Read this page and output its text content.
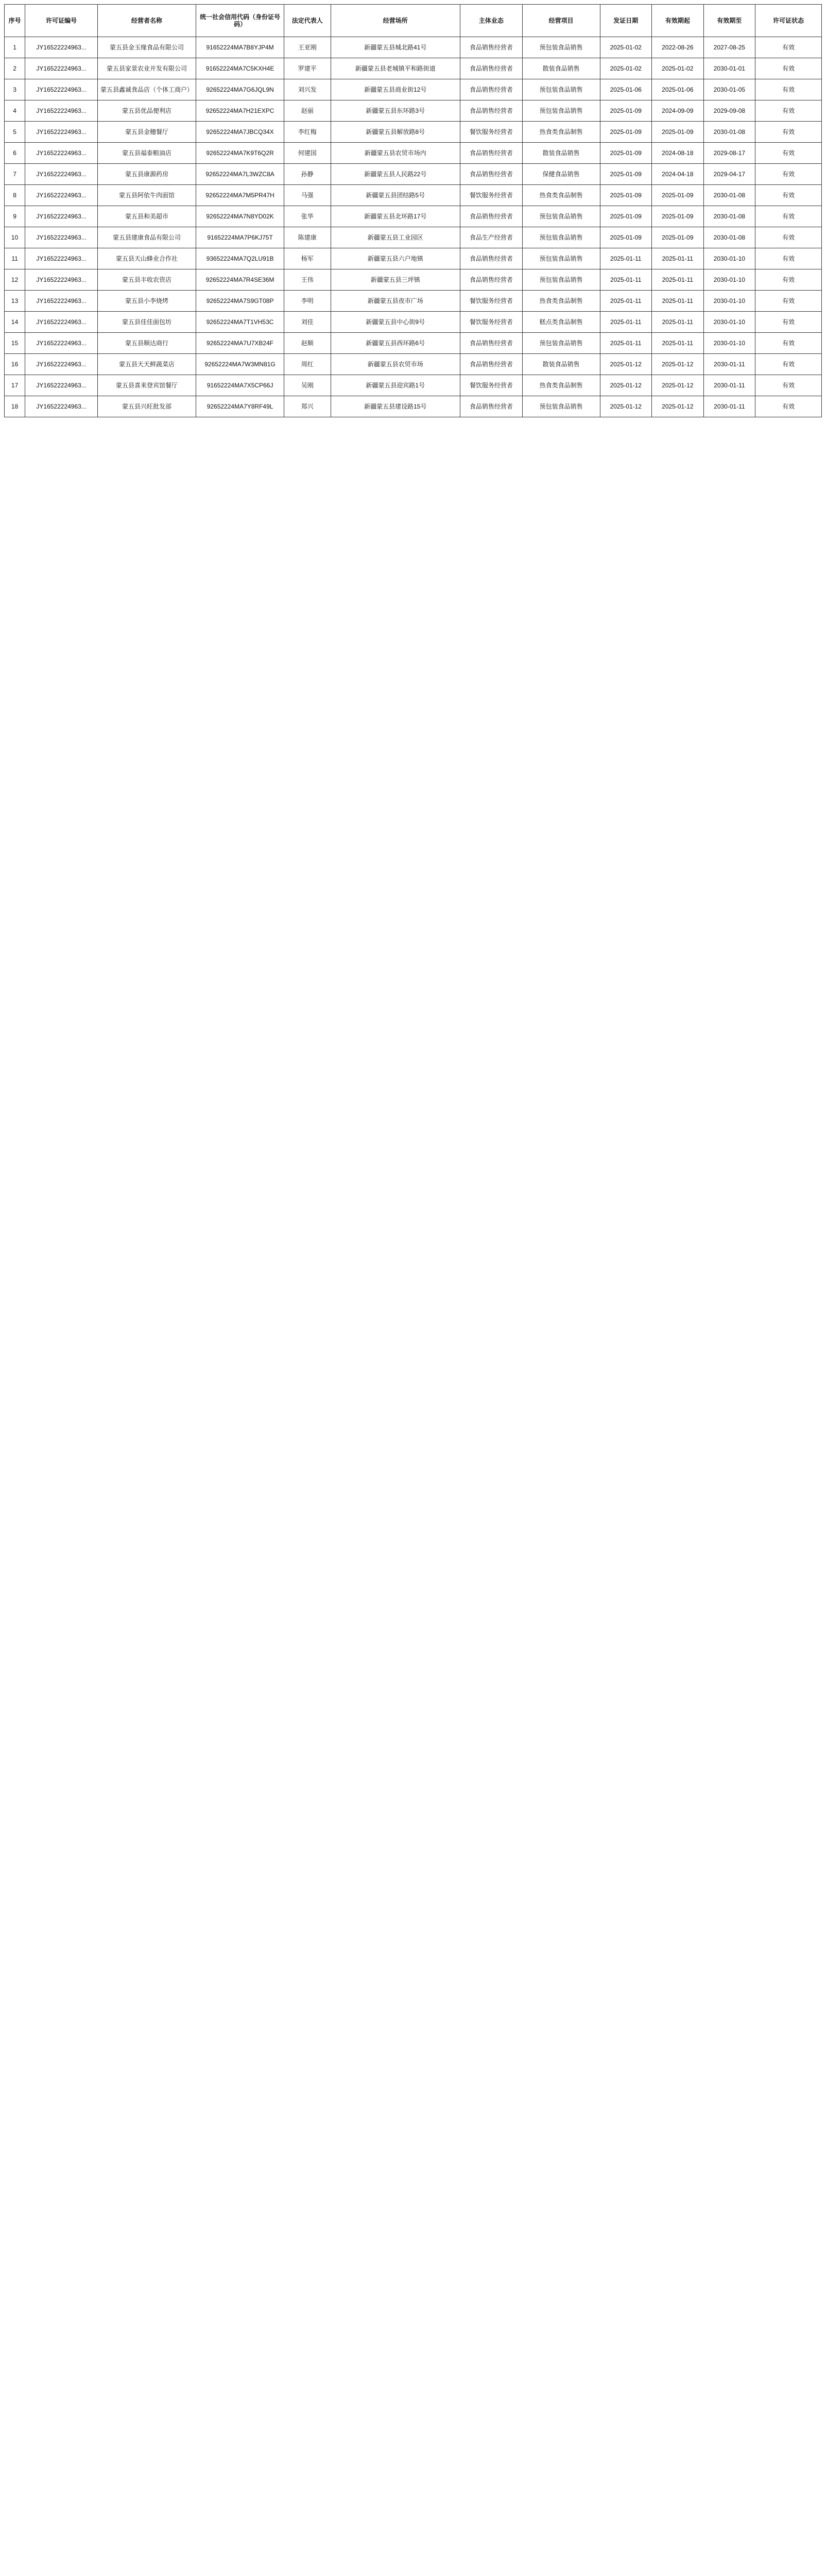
序号	许可证编号	经营者名称	统一社会信用代码（身份证号码）	法定代表人	经营场所	主体业态	经营项目	发证日期	有效期起	有效期至	许可证状态
1	JY16522224963...	蒙五县金玉缘食品有限公司	91652224MA7B8YJP4M	王亚刚	新疆蒙五县城北路41号	食品销售经营者	预包装食品销售	2025-01-02	2022-08-26	2027-08-25	有效
2	JY16522224963...	蒙五县家景农业开发有限公司	91652224MA7C5KXH4E	罗建平	新疆蒙五县老城镇平和路街道	食品销售经营者	散装食品销售	2025-01-02	2025-01-02	2030-01-01	有效
3	JY16522224963...	蒙五县鑫诚食品店（个体工商户）	92652224MA7G6JQL9N	刘兴发	新疆蒙五县商业街12号	食品销售经营者	预包装食品销售	2025-01-06	2025-01-06	2030-01-05	有效
4	JY16522224963...	蒙五县优品便利店	92652224MA7H21EXPC	赵丽	新疆蒙五县东环路3号	食品销售经营者	预包装食品销售	2025-01-09	2024-09-09	2029-09-08	有效
5	JY16522224963...	蒙五县金穗餐厅	92652224MA7JBCQ34X	李红梅	新疆蒙五县解放路8号	餐饮服务经营者	热食类食品制售	2025-01-09	2025-01-09	2030-01-08	有效
6	JY16522224963...	蒙五县福泰粮油店	92652224MA7K9T6Q2R	何建国	新疆蒙五县农贸市场内	食品销售经营者	散装食品销售	2025-01-09	2024-08-18	2029-08-17	有效
7	JY16522224963...	蒙五县康源药房	92652224MA7L3WZC8A	孙静	新疆蒙五县人民路22号	食品销售经营者	保健食品销售	2025-01-09	2024-04-18	2029-04-17	有效
8	JY16522224963...	蒙五县阿依牛肉面馆	92652224MA7M5PR47H	马强	新疆蒙五县团结路5号	餐饮服务经营者	热食类食品制售	2025-01-09	2025-01-09	2030-01-08	有效
9	JY16522224963...	蒙五县和美超市	92652224MA7N8YD02K	张华	新疆蒙五县北环路17号	食品销售经营者	预包装食品销售	2025-01-09	2025-01-09	2030-01-08	有效
10	JY16522224963...	蒙五县建康食品有限公司	91652224MA7P6KJ75T	陈建康	新疆蒙五县工业园区	食品生产经营者	预包装食品销售	2025-01-09	2025-01-09	2030-01-08	有效
11	JY16522224963...	蒙五县天山蜂业合作社	93652224MA7Q2LU91B	杨军	新疆蒙五县六户地镇	食品销售经营者	预包装食品销售	2025-01-11	2025-01-11	2030-01-10	有效
12	JY16522224963...	蒙五县丰收农资店	92652224MA7R4SE36M	王伟	新疆蒙五县三坪镇	食品销售经营者	预包装食品销售	2025-01-11	2025-01-11	2030-01-10	有效
13	JY16522224963...	蒙五县小李烧烤	92652224MA7S9GT08P	李明	新疆蒙五县夜市广场	餐饮服务经营者	热食类食品制售	2025-01-11	2025-01-11	2030-01-10	有效
14	JY16522224963...	蒙五县佳佳面包坊	92652224MA7T1VH53C	刘佳	新疆蒙五县中心街9号	餐饮服务经营者	糕点类食品制售	2025-01-11	2025-01-11	2030-01-10	有效
15	JY16522224963...	蒙五县顺达商行	92652224MA7U7XB24F	赵顺	新疆蒙五县西环路6号	食品销售经营者	预包装食品销售	2025-01-11	2025-01-11	2030-01-10	有效
16	JY16522224963...	蒙五县天天鲜蔬菜店	92652224MA7W3MN81G	周红	新疆蒙五县农贸市场	食品销售经营者	散装食品销售	2025-01-12	2025-01-12	2030-01-11	有效
17	JY16522224963...	蒙五县喜来登宾馆餐厅	91652224MA7X5CP66J	吴刚	新疆蒙五县迎宾路1号	餐饮服务经营者	热食类食品制售	2025-01-12	2025-01-12	2030-01-11	有效
18	JY16522224963...	蒙五县兴旺批发部	92652224MA7Y8RF49L	郑兴	新疆蒙五县建设路15号	食品销售经营者	预包装食品销售	2025-01-12	2025-01-12	2030-01-11	有效
